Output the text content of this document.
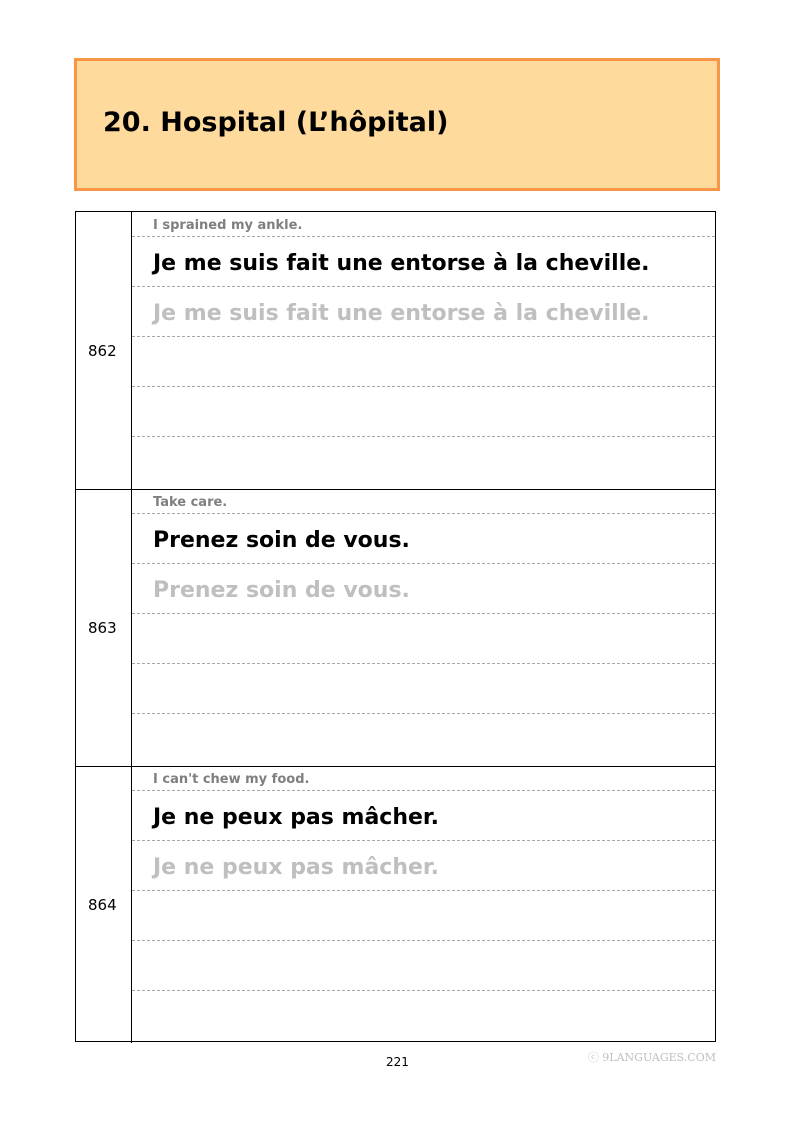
20. Hospital (L’hôpital)
862
I sprained my ankle.
Je me suis fait une entorse à la cheville.
Je me suis fait une entorse à la cheville.
863
Take care.
Prenez soin de vous.
Prenez soin de vous.
864
I can't chew my food.
Je ne peux pas mâcher.
Je ne peux pas mâcher.
221	ⓒ 9LANGUAGES.COM
